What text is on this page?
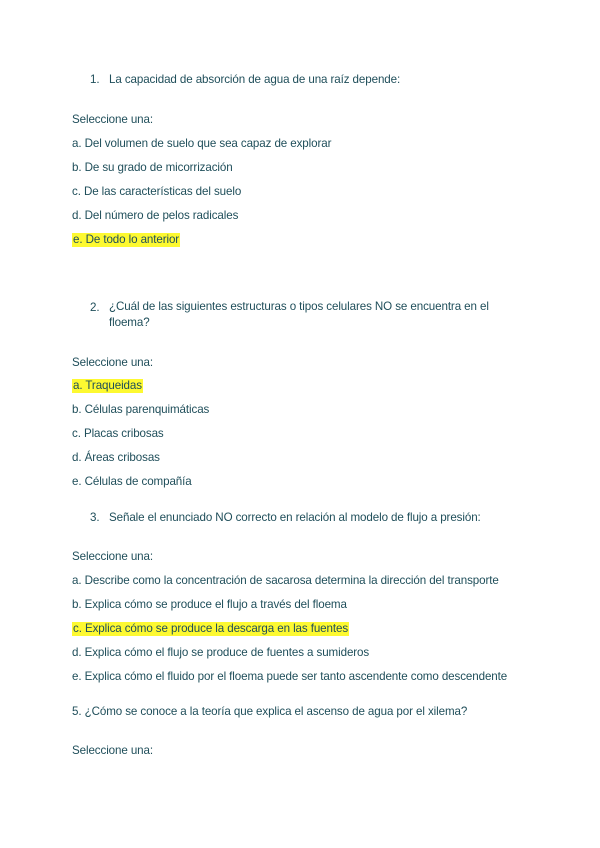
1. La capacidad de absorción de agua de una raíz depende:
Seleccione una:
a. Del volumen de suelo que sea capaz de explorar
b. De su grado de micorrización
c. De las características del suelo
d. Del número de pelos radicales
e. De todo lo anterior
2. ¿Cuál de las siguientes estructuras o tipos celulares NO se encuentra en el floema?
Seleccione una:
a. Traqueidas
b. Células parenquimáticas
c. Placas cribosas
d. Áreas cribosas
e. Células de compañía
3. Señale el enunciado NO correcto en relación al modelo de flujo a presión:
Seleccione una:
a. Describe como la concentración de sacarosa determina la dirección del transporte
b. Explica cómo se produce el flujo a través del floema
c. Explica cómo se produce la descarga en las fuentes
d. Explica cómo el flujo se produce de fuentes a sumideros
e. Explica cómo el fluido por el floema puede ser tanto ascendente como descendente
5. ¿Cómo se conoce a la teoría que explica el ascenso de agua por el xilema?
Seleccione una:
